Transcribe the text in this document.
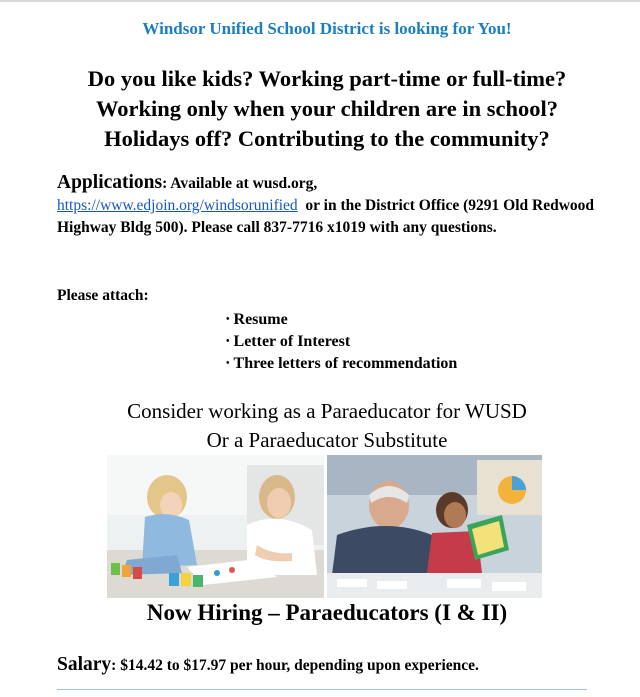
Windsor Unified School District is looking for You!
Do you like kids? Working part-time or full-time?
Working only when your children are in school?
Holidays off? Contributing to the community?
Applications: Available at wusd.org,
https://www.edjoin.org/windsorunified or in the District Office (9291 Old Redwood Highway Bldg 500). Please call 837-7716 x1019 with any questions.
Please attach:
• Resume
• Letter of Interest
• Three letters of recommendation
Consider working as a Paraeducator for WUSD
Or a Paraeducator Substitute
Now Hiring – Paraeducators (I & II)
Salary: $14.42 to $17.97 per hour, depending upon experience.
